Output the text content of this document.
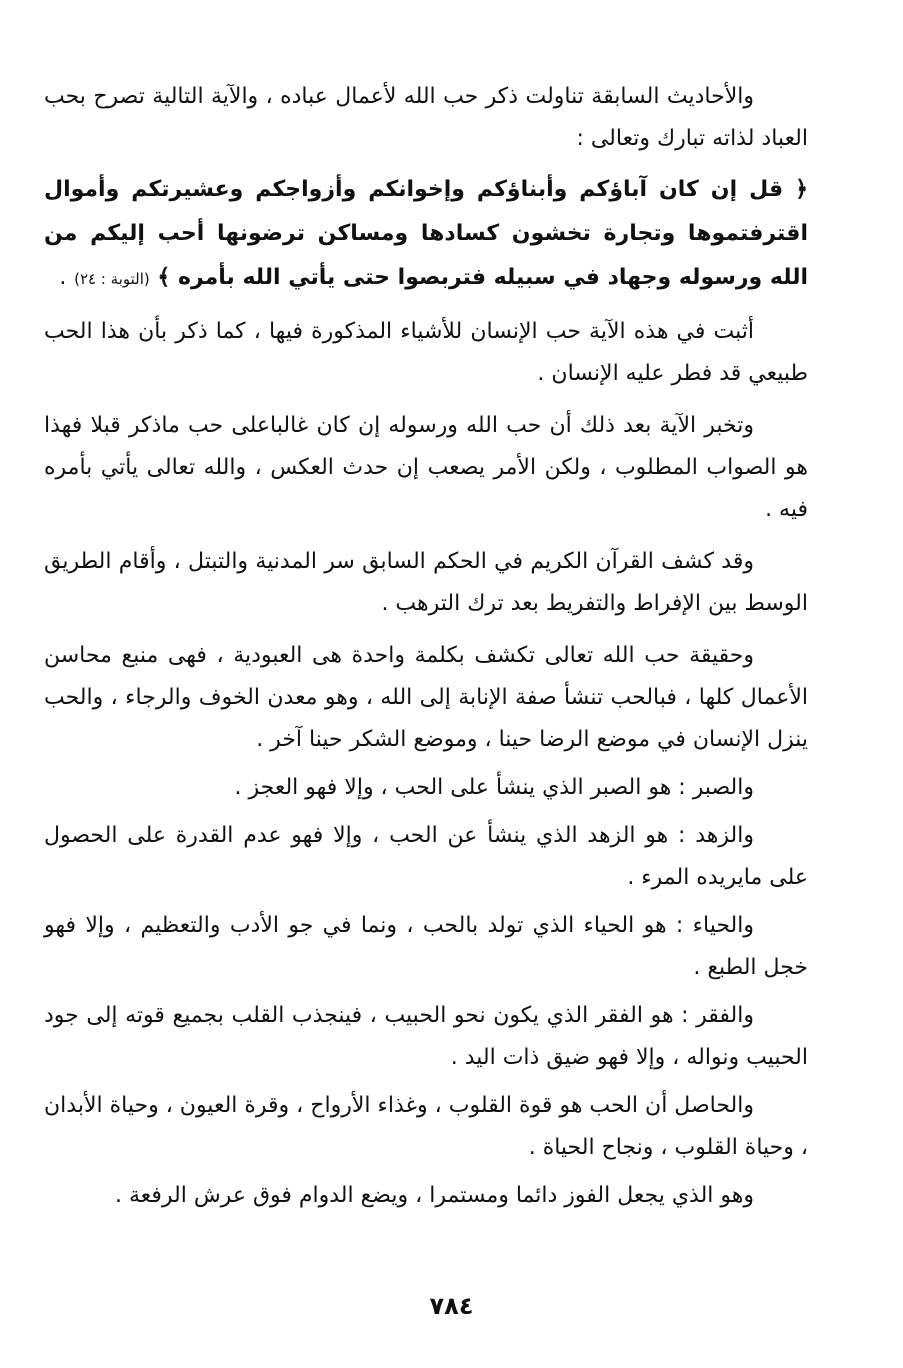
والأحاديث السابقة تناولت ذكر حب الله لأعمال عباده ، والآية التالية تصرح بحب العباد لذاته تبارك وتعالى :

﴿ قل إن كان آباؤكم وأبناؤكم وإخوانكم وأزواجكم وعشيرتكم وأموال اقترفتموها وتجارة تخشون كسادها ومساكن ترضونها أحب إليكم من الله ورسوله وجهاد في سبيله فتربصوا حتى يأتي الله بأمره ﴾ (التوبة : ٢٤) .

أثبت في هذه الآية حب الإنسان للأشياء المذكورة فيها ، كما ذكر بأن هذا الحب طبيعي قد فطر عليه الإنسان .

وتخبر الآية بعد ذلك أن حب الله ورسوله إن كان غالباعلى حب ماذكر قبلا فهذا هو الصواب المطلوب ، ولكن الأمر يصعب إن حدث العكس ، والله تعالى يأتي بأمره فيه .

وقد كشف القرآن الكريم في الحكم السابق سر المدنية والتبتل ، وأقام الطريق الوسط بين الإفراط والتفريط بعد ترك الترهب .

وحقيقة حب الله تعالى تكشف بكلمة واحدة هى العبودية ، فهى منبع محاسن الأعمال كلها ، فبالحب تنشأ صفة الإنابة إلى الله ، وهو معدن الخوف والرجاء ، والحب ينزل الإنسان في موضع الرضا حينا ، وموضع الشكر حينا آخر .

والصبر : هو الصبر الذي ينشأ على الحب ، وإلا فهو العجز .

والزهد : هو الزهد الذي ينشأ عن الحب ، وإلا فهو عدم القدرة على الحصول على مايريده المرء .

والحياء : هو الحياء الذي تولد بالحب ، ونما في جو الأدب والتعظيم ، وإلا فهو خجل الطبع .

والفقر : هو الفقر الذي يكون نحو الحبيب ، فينجذب القلب بجميع قوته إلى جود الحبيب ونواله ، وإلا فهو ضيق ذات اليد .

والحاصل أن الحب هو قوة القلوب ، وغذاء الأرواح ، وقرة العيون ، وحياة الأبدان ، وحياة القلوب ، ونجاح الحياة .

وهو الذي يجعل الفوز دائما ومستمرا ، ويضع الدوام فوق عرش الرفعة .

٧٨٤
